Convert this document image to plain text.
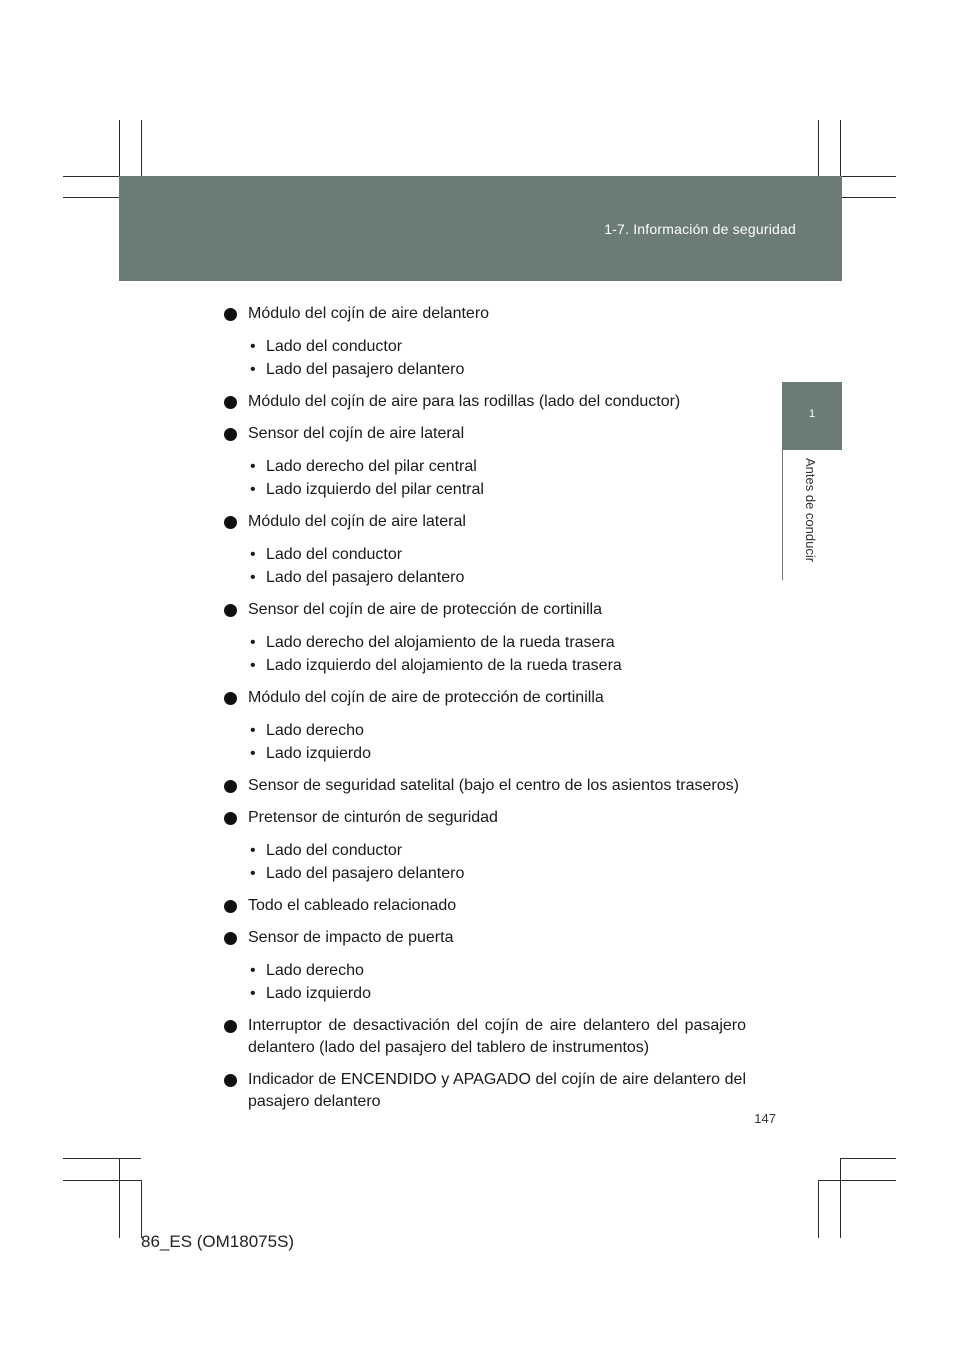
1-7. Información de seguridad
1
Antes de conducir
Módulo del cojín de aire delantero
• Lado del conductor
• Lado del pasajero delantero
Módulo del cojín de aire para las rodillas (lado del conductor)
Sensor del cojín de aire lateral
• Lado derecho del pilar central
• Lado izquierdo del pilar central
Módulo del cojín de aire lateral
• Lado del conductor
• Lado del pasajero delantero
Sensor del cojín de aire de protección de cortinilla
• Lado derecho del alojamiento de la rueda trasera
• Lado izquierdo del alojamiento de la rueda trasera
Módulo del cojín de aire de protección de cortinilla
• Lado derecho
• Lado izquierdo
Sensor de seguridad satelital (bajo el centro de los asientos traseros)
Pretensor de cinturón de seguridad
• Lado del conductor
• Lado del pasajero delantero
Todo el cableado relacionado
Sensor de impacto de puerta
• Lado derecho
• Lado izquierdo
Interruptor de desactivación del cojín de aire delantero del pasajero delantero (lado del pasajero del tablero de instrumentos)
Indicador de ENCENDIDO y APAGADO del cojín de aire delantero del pasajero delantero
147
86_ES (OM18075S)
